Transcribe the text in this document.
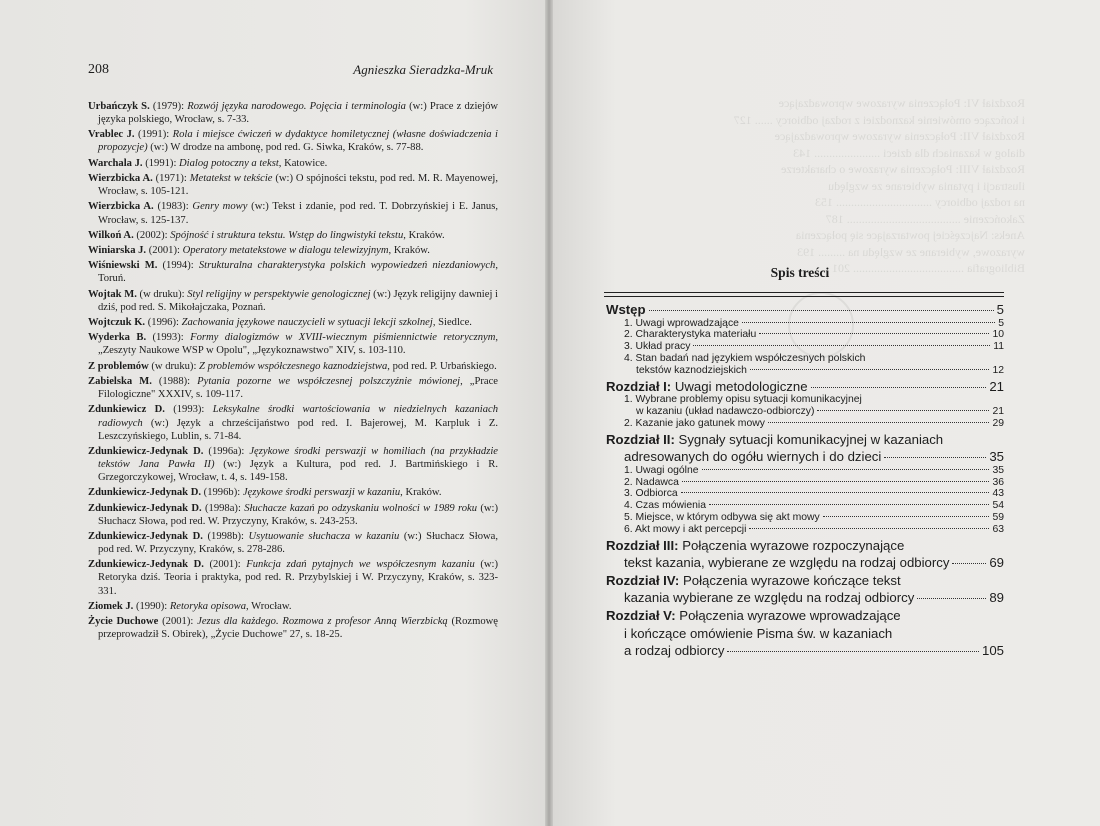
208	Agnieszka Sieradzka-Mruk

Urbańczyk S. (1979): Rozwój języka narodowego. Pojęcia i terminologia (w:) Prace z dziejów języka polskiego, Wrocław, s. 7-33.

Vrablec J. (1991): Rola i miejsce ćwiczeń w dydaktyce homiletycznej (własne doświadczenia i propozycje) (w:) W drodze na ambonę, pod red. G. Siwka, Kraków, s. 77-88.

Warchala J. (1991): Dialog potoczny a tekst, Katowice.

Wierzbicka A. (1971): Metatekst w tekście (w:) O spójności tekstu, pod red. M. R. Mayenowej, Wrocław, s. 105-121.

Wierzbicka A. (1983): Genry mowy (w:) Tekst i zdanie, pod red. T. Dobrzyńskiej i E. Janus, Wrocław, s. 125-137.

Wilkoń A. (2002): Spójność i struktura tekstu. Wstęp do lingwistyki tekstu, Kraków.

Winiarska J. (2001): Operatory metatekstowe w dialogu telewizyjnym, Kraków.

Wiśniewski M. (1994): Strukturalna charakterystyka polskich wypowiedzeń niezdaniowych, Toruń.

Wojtak M. (w druku): Styl religijny w perspektywie genologicznej (w:) Język religijny dawniej i dziś, pod red. S. Mikołajczaka, Poznań.

Wojtczuk K. (1996): Zachowania językowe nauczycieli w sytuacji lekcji szkolnej, Siedlce.

Wyderka B. (1993): Formy dialogizmów w XVIII-wiecznym piśmiennictwie retorycznym, „Zeszyty Naukowe WSP w Opolu", „Językoznawstwo" XIV, s. 103-110.

Z problemów (w druku): Z problemów współczesnego kaznodziejstwa, pod red. P. Urbańskiego.

Zabielska M. (1988): Pytania pozorne we współczesnej polszczyźnie mówionej, „Prace Filologiczne" XXXIV, s. 109-117.

Zdunkiewicz D. (1993): Leksykalne środki wartościowania w niedzielnych kazaniach radiowych (w:) Język a chrześcijaństwo pod red. I. Bajerowej, M. Karpluk i Z. Leszczyńskiego, Lublin, s. 71-84.

Zdunkiewicz-Jedynak D. (1996a): Językowe środki perswazji w homiliach (na przykładzie tekstów Jana Pawła II) (w:) Język a Kultura, pod red. J. Bartmińskiego i R. Grzegorczykowej, Wrocław, t. 4, s. 149-158.

Zdunkiewicz-Jedynak D. (1996b): Językowe środki perswazji w kazaniu, Kraków.

Zdunkiewicz-Jedynak D. (1998a): Słuchacze kazań po odzyskaniu wolności w 1989 roku (w:) Słuchacz Słowa, pod red. W. Przyczyny, Kraków, s. 243-253.

Zdunkiewicz-Jedynak D. (1998b): Usytuowanie słuchacza w kazaniu (w:) Słuchacz Słowa, pod red. W. Przyczyny, Kraków, s. 278-286.

Zdunkiewicz-Jedynak D. (2001): Funkcja zdań pytajnych we współczesnym kazaniu (w:) Retoryka dziś. Teoria i praktyka, pod red. R. Przybylskiej i W. Przyczyny, Kraków, s. 323-331.

Ziomek J. (1990): Retoryka opisowa, Wrocław.

Życie Duchowe (2001): Jezus dla każdego. Rozmowa z profesor Anną Wierzbicką (Rozmowę przeprowadził S. Obirek), „Życie Duchowe" 27, s. 18-25.

Spis treści
Wstęp	5
1. Uwagi wprowadzające	5
2. Charakterystyka materiału	10
3. Układ pracy	11
4. Stan badań nad językiem współczesnych polskich
tekstów kaznodziejskich	12
Rozdział I: Uwagi metodologiczne	21
1. Wybrane problemy opisu sytuacji komunikacyjnej
w kazaniu (układ nadawczo-odbiorczy)	21
2. Kazanie jako gatunek mowy	29
Rozdział II: Sygnały sytuacji komunikacyjnej w kazaniach
adresowanych do ogółu wiernych i do dzieci	35
1. Uwagi ogólne	35
2. Nadawca	36
3. Odbiorca	43
4. Czas mówienia	54
5. Miejsce, w którym odbywa się akt mowy	59
6. Akt mowy i akt percepcji	63
Rozdział III: Połączenia wyrazowe rozpoczynające
tekst kazania, wybierane ze względu na rodzaj odbiorcy	69
Rozdział IV: Połączenia wyrazowe kończące tekst
kazania wybierane ze względu na rodzaj odbiorcy	89
Rozdział V: Połączenia wyrazowe wprowadzające
i kończące omówienie Pisma św. w kazaniach
a rodzaj odbiorcy	105
